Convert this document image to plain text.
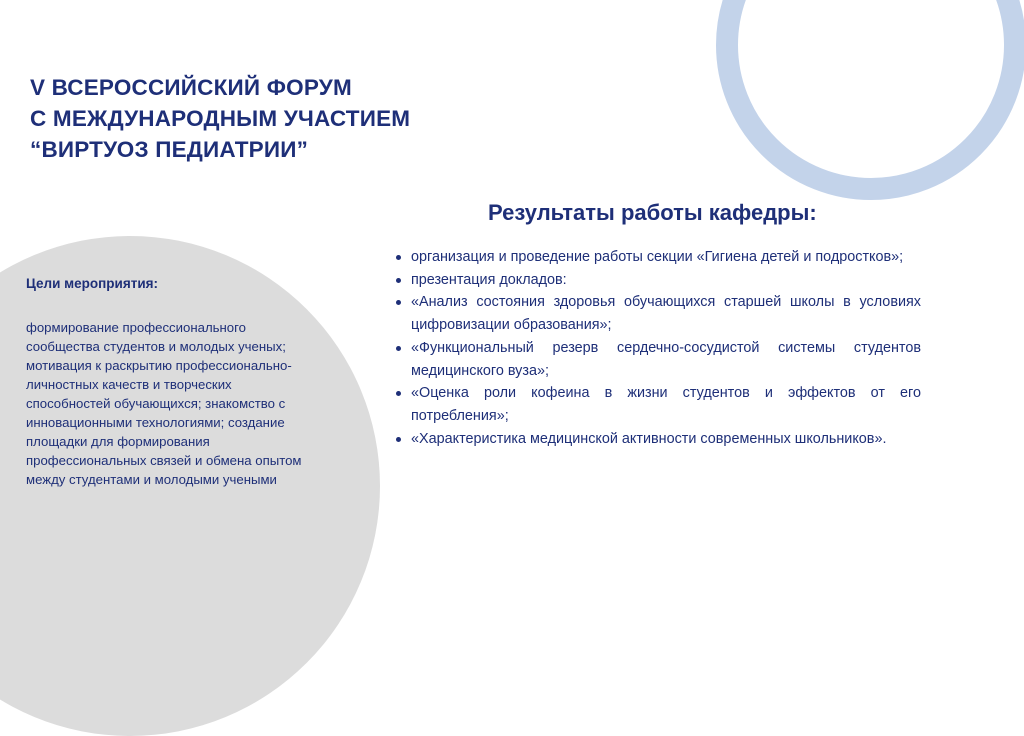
V ВСЕРОССИЙСКИЙ ФОРУМ
С МЕЖДУНАРОДНЫМ УЧАСТИЕМ
“ВИРТУОЗ ПЕДИАТРИИ”
Цели мероприятия:

формирование профессионального сообщества студентов и молодых ученых; мотивация к раскрытию профессионально-личностных качеств и творческих способностей обучающихся; знакомство с инновационными технологиями; создание площадки для формирования профессиональных связей и обмена опытом между студентами и молодыми учеными

Результаты работы кафедры:
организация и проведение работы секции «Гигиена детей и подростков»;
презентация докладов:
«Анализ состояния здоровья обучающихся старшей школы в условиях цифровизации образования»;
«Функциональный резерв сердечно-сосудистой системы студентов медицинского вуза»;
«Оценка роли кофеина в жизни студентов и эффектов от его потребления»;
«Характеристика медицинской активности современных школьников».
